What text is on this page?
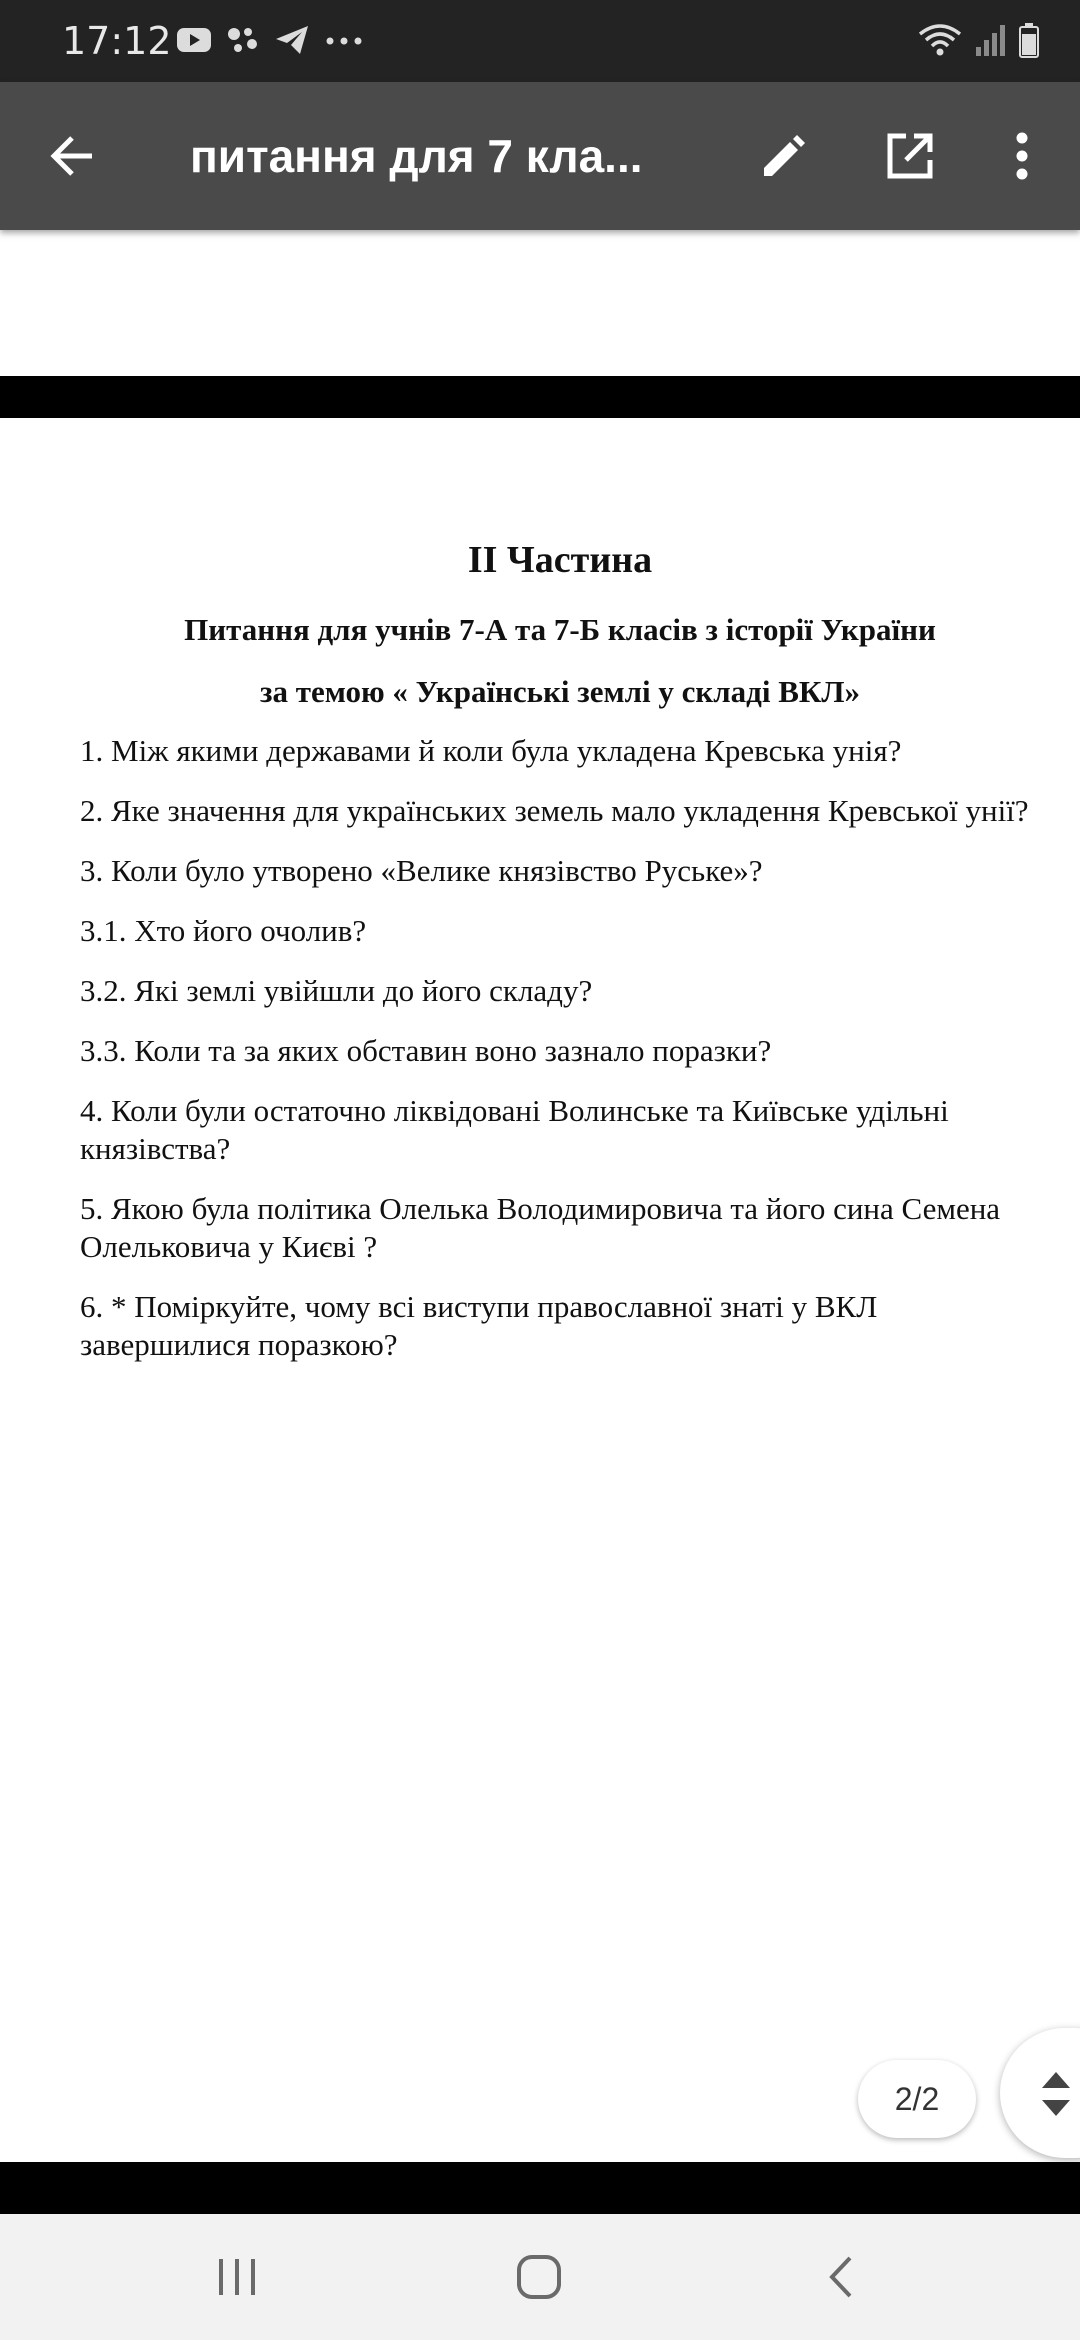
17:12
питання для 7 кла...
ІІ Частина
Питання для учнів 7-А та 7-Б класів з історії України
за темою « Українські землі у складі ВКЛ»
1. Між якими державами й коли була укладена Кревська унія?
2. Яке значення для українських земель мало укладення Кревської унії?
3. Коли було утворено «Велике князівство Руське»?
3.1. Хто його очолив?
3.2. Які землі увійшли до його складу?
3.3. Коли та за яких обставин воно зазнало поразки?
4. Коли були остаточно ліквідовані Волинське та Київське удільні князівства?
5. Якою була політика Олелька Володимировича та його сина Семена Олельковича у Києві ?
6. * Поміркуйте, чому всі виступи православної знаті у ВКЛ завершилися поразкою?
2/2
